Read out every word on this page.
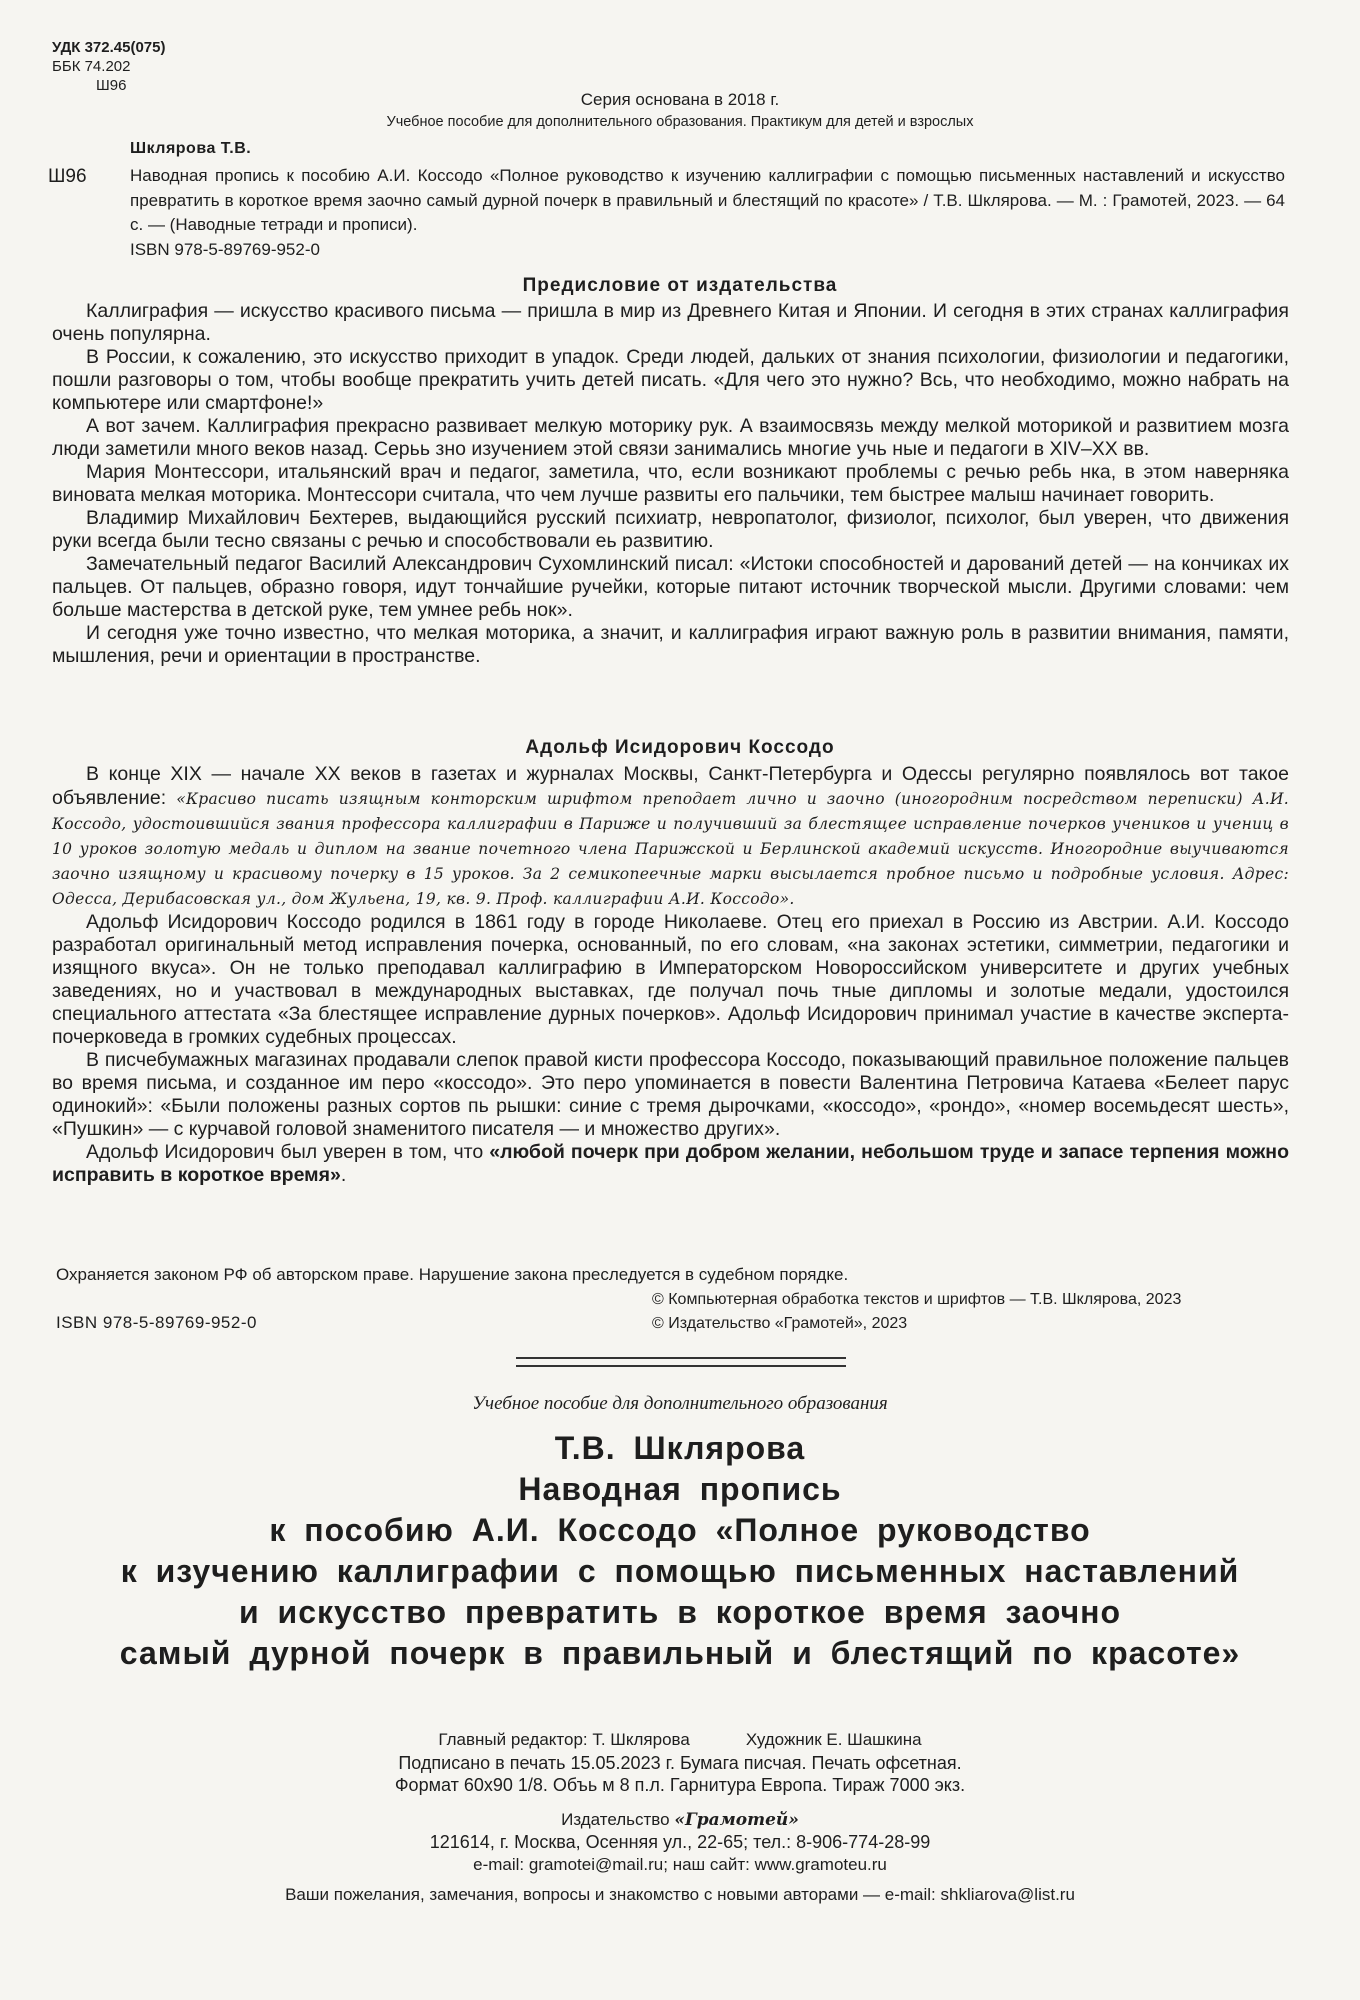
УДК 372.45(075)
ББК 74.202
Ш96
Серия основана в 2018 г.
Учебное пособие для дополнительного образования. Практикум для детей и взрослых
Шклярова Т.В.
Ш96	Наводная пропись к пособию А.И. Коссодо «Полное руководство к изучению каллиграфии с помощью письменных наставлений и искусство превратить в короткое время заочно самый дурной почерк в правильный и блестящий по красоте» / Т.В. Шклярова. — М. : Грамотей, 2023. — 64 с. — (Наводные тетради и прописи).
ISBN 978-5-89769-952-0
Предисловие от издательства

Каллиграфия — искусство красивого письма — пришла в мир из Древнего Китая и Японии. И сегодня в этих странах каллиграфия очень популярна.

В России, к сожалению, это искусство приходит в упадок. Среди людей, дальких от знания психологии, физиологии и педагогики, пошли разговоры о том, чтобы вообще прекратить учить детей писать. «Для чего это нужно? Всь, что необходимо, можно набрать на компьютере или смартфоне!»

А вот зачем. Каллиграфия прекрасно развивает мелкую моторику рук. А взаимосвязь между мелкой моторикой и развитием мозга люди заметили много веков назад. Серьь зно изучением этой связи занимались многие учь ные и педагоги в XIV–XX вв.

Мария Монтессори, итальянский врач и педагог, заметила, что, если возникают проблемы с речью ребь нка, в этом наверняка виновата мелкая моторика. Монтессори считала, что чем лучше развиты его пальчики, тем быстрее малыш начинает говорить.

Владимир Михайлович Бехтерев, выдающийся русский психиатр, невропатолог, физиолог, психолог, был уверен, что движения руки всегда были тесно связаны с речью и способствовали еь развитию.

Замечательный педагог Василий Александрович Сухомлинский писал: «Истоки способностей и дарований детей — на кончиках их пальцев. От пальцев, образно говоря, идут тончайшие ручейки, которые питают источник творческой мысли. Другими словами: чем больше мастерства в детской руке, тем умнее ребь нок».

И сегодня уже точно известно, что мелкая моторика, а значит, и каллиграфия играют важную роль в развитии внимания, памяти, мышления, речи и ориентации в пространстве.

Адольф Исидорович Коссодо

В конце XIX — начале XX веков в газетах и журналах Москвы, Санкт-Петербурга и Одессы регулярно появлялось вот такое объявление: «Красиво писать изящным конторским шрифтом преподает лично и заочно (иногородним посредством переписки) А.И. Коссодо, удостоившийся звания профессора каллиграфии в Париже и получивший за блестящее исправление почерков учеников и учениц в 10 уроков золотую медаль и диплом на звание почетного члена Парижской и Берлинской академий искусств. Иногородние выучиваются заочно изящному и красивому почерку в 15 уроков. За 2 семикопеечные марки высылается пробное письмо и подробные условия. Адрес: Одесса, Дерибасовская ул., дом Жульена, 19, кв. 9. Проф. каллиграфии А.И. Коссодо».

Адольф Исидорович Коссодо родился в 1861 году в городе Николаеве. Отец его приехал в Россию из Австрии. А.И. Коссодо разработал оригинальный метод исправления почерка, основанный, по его словам, «на законах эстетики, симметрии, педагогики и изящного вкуса». Он не только преподавал каллиграфию в Императорском Новороссийском университете и других учебных заведениях, но и участвовал в международных выставках, где получал почь тные дипломы и золотые медали, удостоился специального аттестата «За блестящее исправление дурных почерков». Адольф Исидорович принимал участие в качестве эксперта-почерковеда в громких судебных процессах.

В писчебумажных магазинах продавали слепок правой кисти профессора Коссодо, показывающий правильное положение пальцев во время письма, и созданное им перо «коссодо». Это перо упоминается в повести Валентина Петровича Катаева «Белеет парус одинокий»: «Были положены разных сортов пь рышки: синие с тремя дырочками, «коссодо», «рондо», «номер восемьдесят шесть», «Пушкин» — с курчавой головой знаменитого писателя — и множество других».

Адольф Исидорович был уверен в том, что «любой почерк при добром желании, небольшом труде и запасе терпения можно исправить в короткое время».

Охраняется законом РФ об авторском праве. Нарушение закона преследуется в судебном порядке.
© Компьютерная обработка текстов и шрифтов — Т.В. Шклярова, 2023
© Издательство «Грамотей», 2023
ISBN 978-5-89769-952-0
Учебное пособие для дополнительного образования
Т.В. Шклярова
Наводная пропись
к пособию А.И. Коссодо «Полное руководство
к изучению каллиграфии с помощью письменных наставлений
и искусство превратить в короткое время заочно
самый дурной почерк в правильный и блестящий по красоте»
Главный редактор: Т. Шклярова	Художник Е. Шашкина
Подписано в печать 15.05.2023 г. Бумага писчая. Печать офсетная.
Формат 60х90 1/8. Объь м 8 п.л. Гарнитура Европа. Тираж 7000 экз.
Издательство «Грамотей»
121614, г. Москва, Осенняя ул., 22-65; тел.: 8-906-774-28-99
e-mail: gramotei@mail.ru; наш сайт: www.gramoteu.ru
Ваши пожелания, замечания, вопросы и знакомство с новыми авторами — e-mail: shkliarova@list.ru
